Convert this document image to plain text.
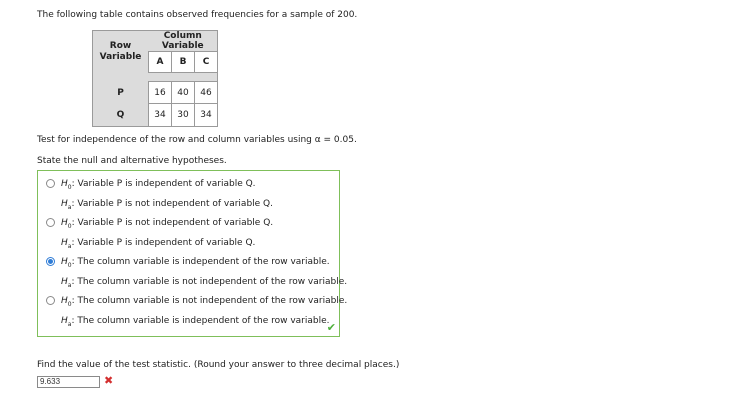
The following table contains observed frequencies for a sample of 200.
Row Variable	Column Variable		
	A	B	C

P	16	40	46
Q	34	30	34
Test for independence of the row and column variables using α = 0.05.
State the null and alternative hypotheses.
$H_0$: Variable P is independent of variable Q.
$H_a$: Variable P is not independent of variable Q.
$H_0$: Variable P is not independent of variable Q.
$H_a$: Variable P is independent of variable Q.
$H_0$: The column variable is independent of the row variable.
$H_a$: The column variable is not independent of the row variable.
$H_0$: The column variable is not independent of the row variable.
$H_a$: The column variable is independent of the row variable.
✔
Find the value of the test statistic. (Round your answer to three decimal places.)
9.633	✖
